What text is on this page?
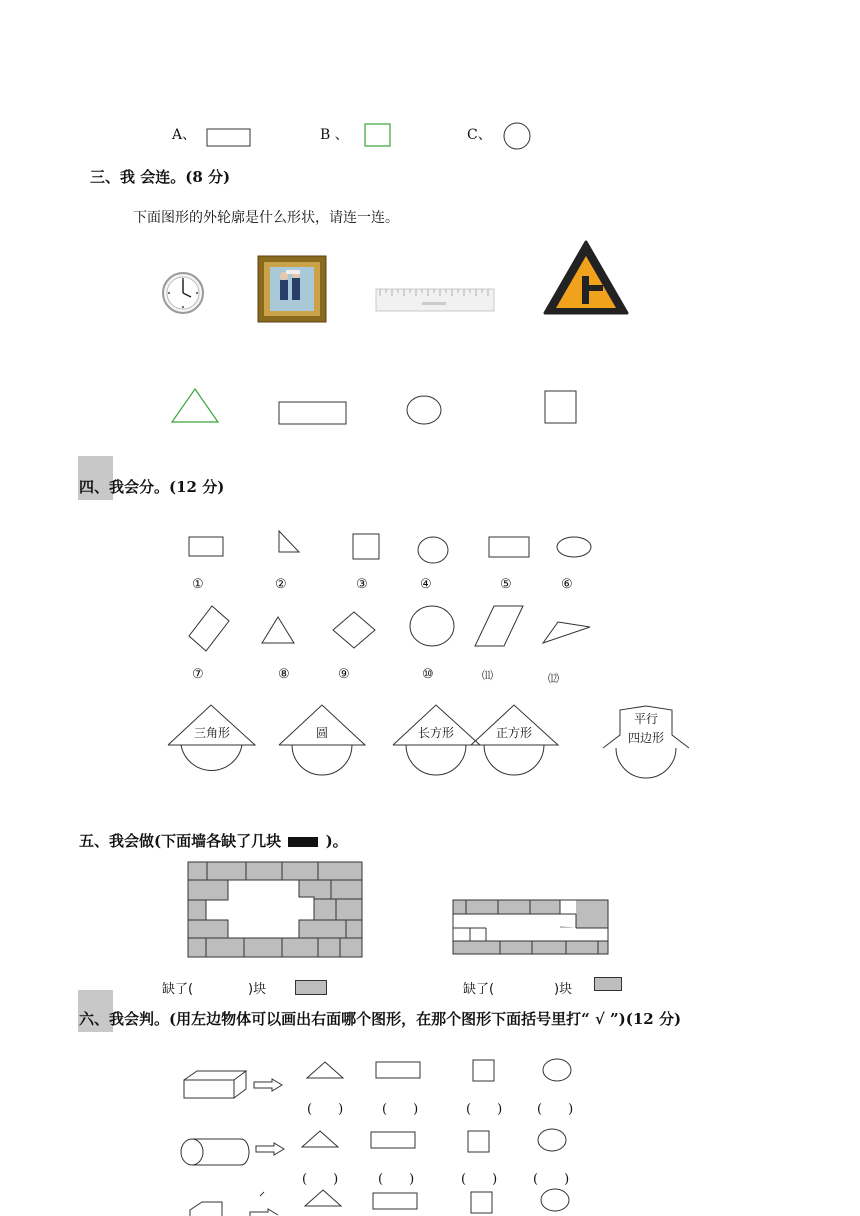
A、	B 、	C、
三、我 会连。(8 分)
下面图形的外轮廓是什么形状，请连一连。
四、我会分。(12 分)
①	②	③	④	⑤	⑥
⑦	⑧	⑨	⑩	⑾	⑿
三角形	圆	长方形	正方形
平行
四边形
五、我会做(下面墙各缺了几块	)。
缺了(	)块	缺了(	)块
六、我会判。(用左边物体可以画出右面哪个图形，在那个图形下面括号里打“ √ ”)(12 分)
(　　)	(　　)	(　　)	(　　)
(　　)	(　　)	(　　)	(　　)
